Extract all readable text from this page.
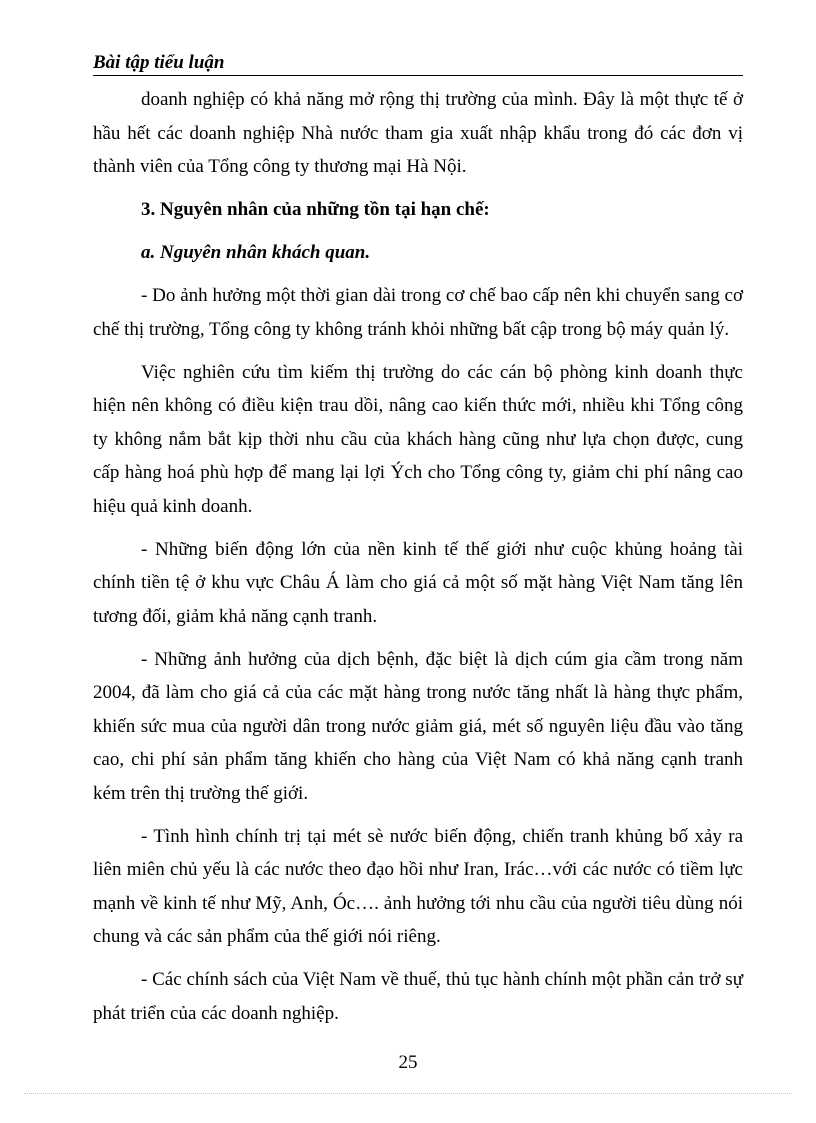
Bài tập tiểu luận

doanh nghiệp có khả năng mở rộng thị trường của mình. Đây là một thực tế ở hầu hết các doanh nghiệp Nhà nước tham gia xuất nhập khẩu trong đó các đơn vị thành viên của Tổng công ty thương mại Hà Nội.

3. Nguyên nhân của những tồn tại hạn chế:

a. Nguyên nhân khách quan.

- Do ảnh hưởng một thời gian dài trong cơ chế bao cấp nên khi chuyển sang cơ chế thị trường, Tổng công ty không tránh khỏi những bất cập trong bộ máy quản lý.

Việc nghiên cứu tìm kiếm thị trường do các cán bộ phòng kinh doanh thực hiện nên không có điều kiện trau dồi, nâng cao kiến thức mới, nhiều khi Tổng công ty không nắm bắt kịp thời nhu cầu của khách hàng cũng như lựa chọn được, cung cấp hàng hoá phù hợp để mang lại lợi Ých cho Tổng công ty, giảm chi phí nâng cao hiệu quả kinh doanh.

- Những biến động lớn của nền kinh tế thế giới như cuộc khủng hoảng tài chính tiền tệ ở khu vực Châu Á làm cho giá cả một số mặt hàng Việt Nam tăng lên tương đối, giảm khả năng cạnh tranh.

- Những ảnh hưởng của dịch bệnh, đặc biệt là dịch cúm gia cầm trong năm 2004, đã làm cho giá cả của các mặt hàng trong nước tăng nhất là hàng thực phẩm, khiến sức mua của người dân trong nước giảm giá, mét số nguyên liệu đầu vào tăng cao, chi phí sản phẩm tăng khiến cho hàng của Việt Nam có khả năng cạnh tranh kém trên thị trường thế giới.

- Tình hình chính trị tại mét sè nước biến động, chiến tranh khủng bố xảy ra liên miên chủ yếu là các nước theo đạo hồi như Iran, Irác…với các nước có tiềm lực mạnh về kinh tế như Mỹ, Anh, Óc…. ảnh hưởng tới nhu cầu của người tiêu dùng nói chung và các sản phẩm của thế giới nói riêng.

- Các chính sách của Việt Nam về thuế, thủ tục hành chính một phần cản trở sự phát triển của các doanh nghiệp.

25
